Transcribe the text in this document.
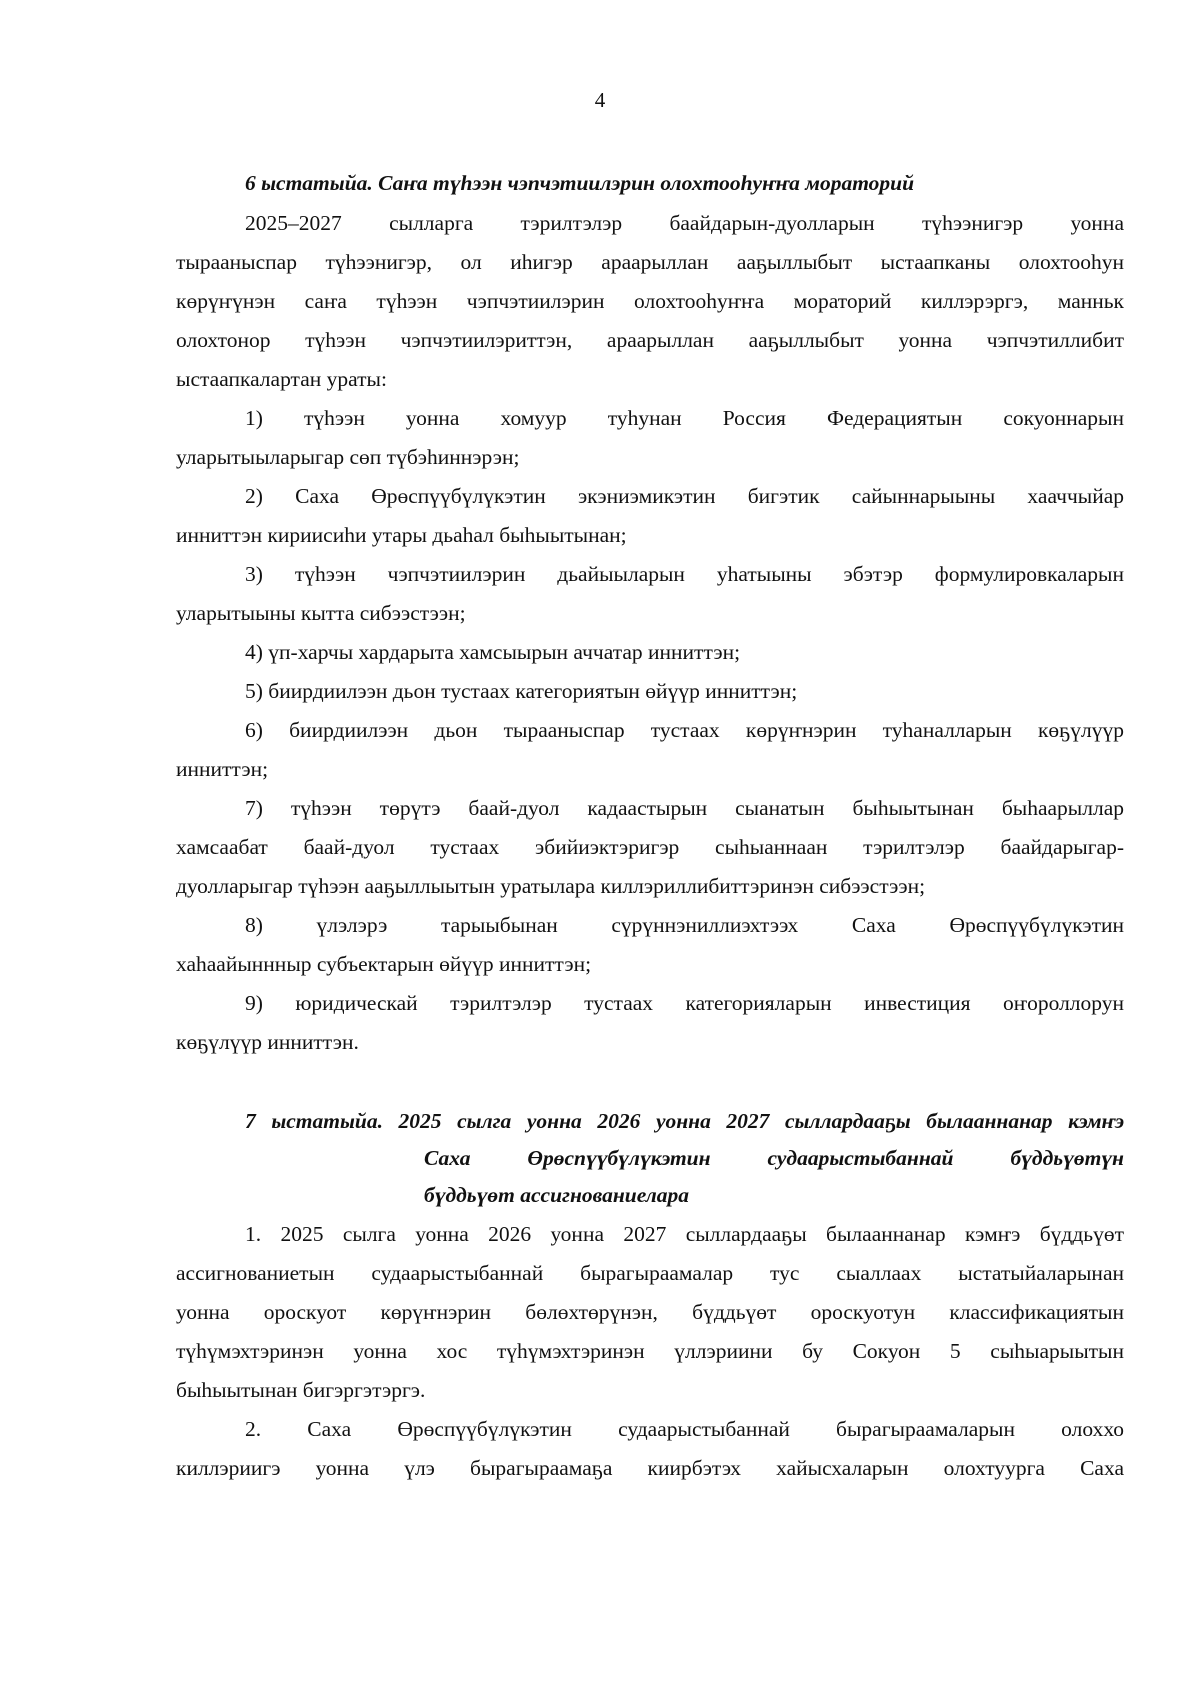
4
6 ыстатыйа. Саҥа түһээн чэпчэтиилэрин олохтооһуҥҥа мораторий
2025–2027 сылларга тэрилтэлэр баайдарын-дуолларын түһээнигэр уонна
тырааныспар түһээнигэр, ол иһигэр араарыллан ааҕыллыбыт ыстаапканы олохтооһун
көрүҥүнэн саҥа түһээн чэпчэтиилэрин олохтооһуҥҥа мораторий киллэрэргэ, манньк
олохтонор түһээн чэпчэтиилэриттэн, араарыллан ааҕыллыбыт уонна чэпчэтиллибит
ыстаапкалартан ураты:
1) түһээн уонна хомуур туһунан Россия Федерациятын сокуоннарын
уларытыыларыгар сөп түбэһиннэрэн;
2) Саха Өрөспүүбүлүкэтин экэниэмикэтин бигэтик сайыннарыыны хааччыйар
инниттэн кириисиһи утары дьаһал быһыытынан;
3) түһээн чэпчэтиилэрин дьайыыларын уһатыыны эбэтэр формулировкаларын
уларытыыны кытта сибээстээн;
4) үп-харчы хардарыта хамсыырын аччатар инниттэн;
5) биирдиилээн дьон тустаах категориятын өйүүр инниттэн;
6) биирдиилээн дьон тырааныспар тустаах көрүҥнэрин туһаналларын көҕүлүүр
инниттэн;
7) түһээн төрүтэ баай-дуол кадаастырын сыанатын быһыытынан быһаарыллар
хамсаабат баай-дуол тустаах эбийиэктэригэр сыһыаннаан тэрилтэлэр баайдарыгар-
дуолларыгар түһээн ааҕыллыытын уратылара киллэриллибиттэринэн сибээстээн;
8) үлэлэрэ тарыыбынан сүрүннэниллиэхтээх Саха Өрөспүүбүлүкэтин
хаһаайыннныр субъектарын өйүүр инниттэн;
9) юридическай тэрилтэлэр тустаах категорияларын инвестиция оҥороллорун
көҕүлүүр инниттэн.
7 ыстатыйа. 2025 сылга уонна 2026 уонна 2027 сыллардааҕы былааннанар кэмҥэ
Саха Өрөспүүбүлүкэтин судаарыстыбаннай бүддьүөтүн
бүддьүөт ассигнованиелара
1. 2025 сылга уонна 2026 уонна 2027 сыллардааҕы былааннанар кэмҥэ бүддьүөт
ассигнованиетын судаарыстыбаннай бырагыраамалар тус сыаллаах ыстатыйаларынан
уонна ороскуот көрүҥнэрин бөлөхтөрүнэн, бүддьүөт ороскуотун классификациятын
түһүмэхтэринэн уонна хос түһүмэхтэринэн үллэриини бу Сокуон 5 сыһыарыытын
быһыытынан бигэргэтэргэ.
2. Саха Өрөспүүбүлүкэтин судаарыстыбаннай бырагыраамаларын олоххо
киллэриигэ уонна үлэ бырагыраамаҕа киирбэтэх хайысхаларын олохтуурга Саха
